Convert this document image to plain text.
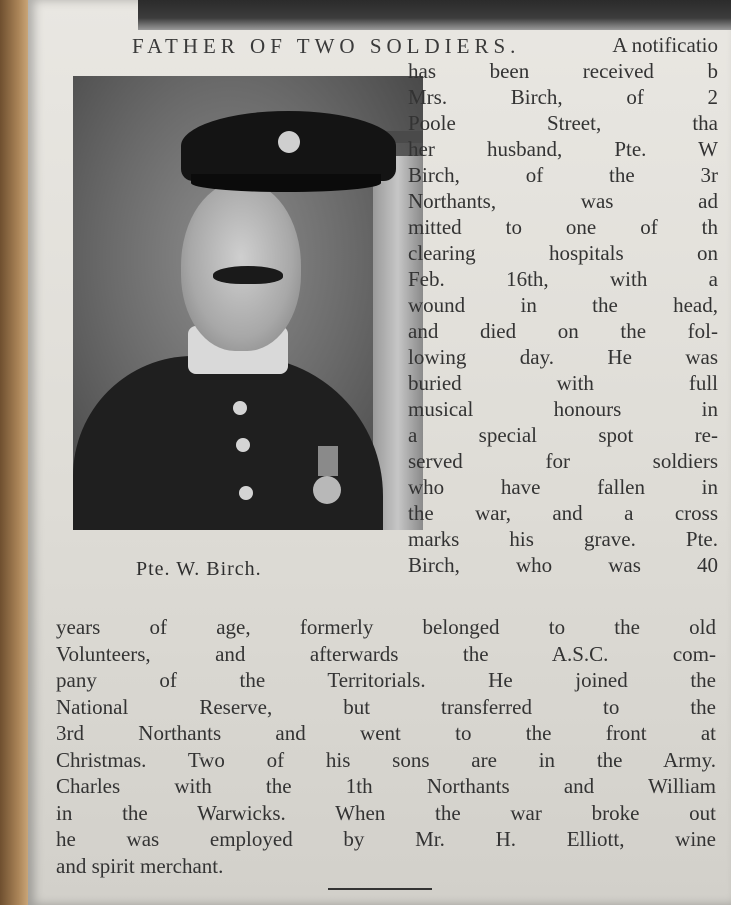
FATHER OF TWO SOLDIERS.
Pte. W. Birch.
A notificatio
has been received b
Mrs. Birch, of 2
Poole Street, tha
her husband, Pte. W
Birch, of the 3r
Northants, was ad
mitted to one of th
clearing hospitals on
Feb. 16th, with a
wound in the head,
and died on the fol-
lowing day. He was
buried with full
musical honours in
a special spot re-
served for soldiers
who have fallen in
the war, and a cross
marks his grave. Pte.
Birch, who was 40
years of age, formerly belonged to the old
Volunteers, and afterwards the A.S.C. com-
pany of the Territorials. He joined the
National Reserve, but transferred to the
3rd Northants and went to the front at
Christmas. Two of his sons are in the Army.
Charles with the 1th Northants and William
in the Warwicks. When the war broke out
he was employed by Mr. H. Elliott, wine
and spirit merchant.
